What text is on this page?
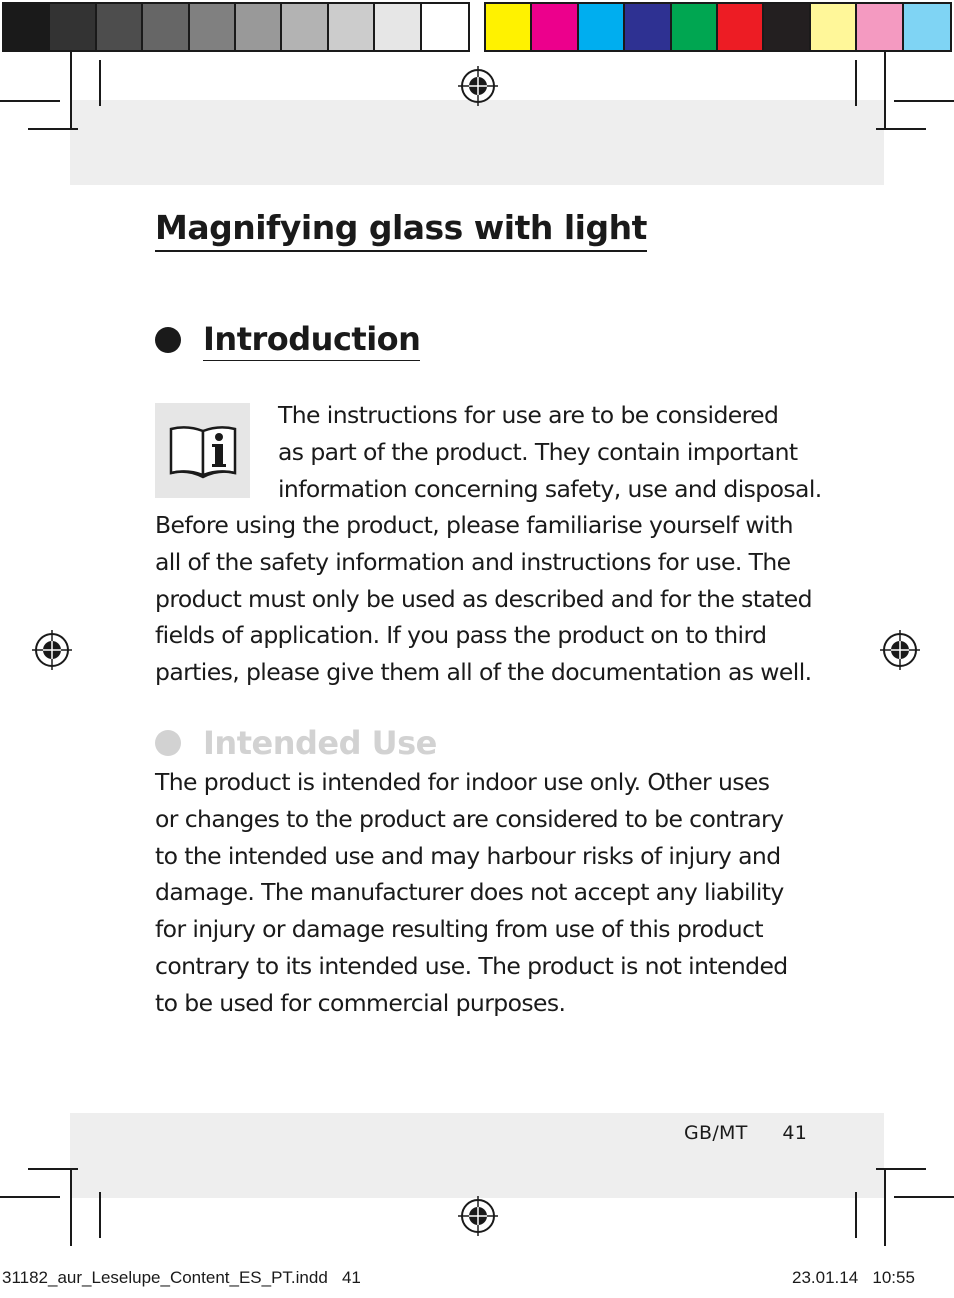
Magnifying glass with light
Introduction

The instructions for use are to be considered
as part of the product. They contain important
information concerning safety, use and disposal.

Before using the product, please familiarise yourself with
all of the safety information and instructions for use. The
product must only be used as described and for the stated
fields of application. If you pass the product on to third
parties, please give them all of the documentation as well.

Intended Use

The product is intended for indoor use only. Other uses
or changes to the product are considered to be contrary
to the intended use and may harbour risks of injury and
damage. The manufacturer does not accept any liability
for injury or damage resulting from use of this product
contrary to its intended use. The product is not intended
to be used for commercial purposes.

GB/MT 41
31182_aur_Leselupe_Content_ES_PT.indd 41	23.01.14 10:55
